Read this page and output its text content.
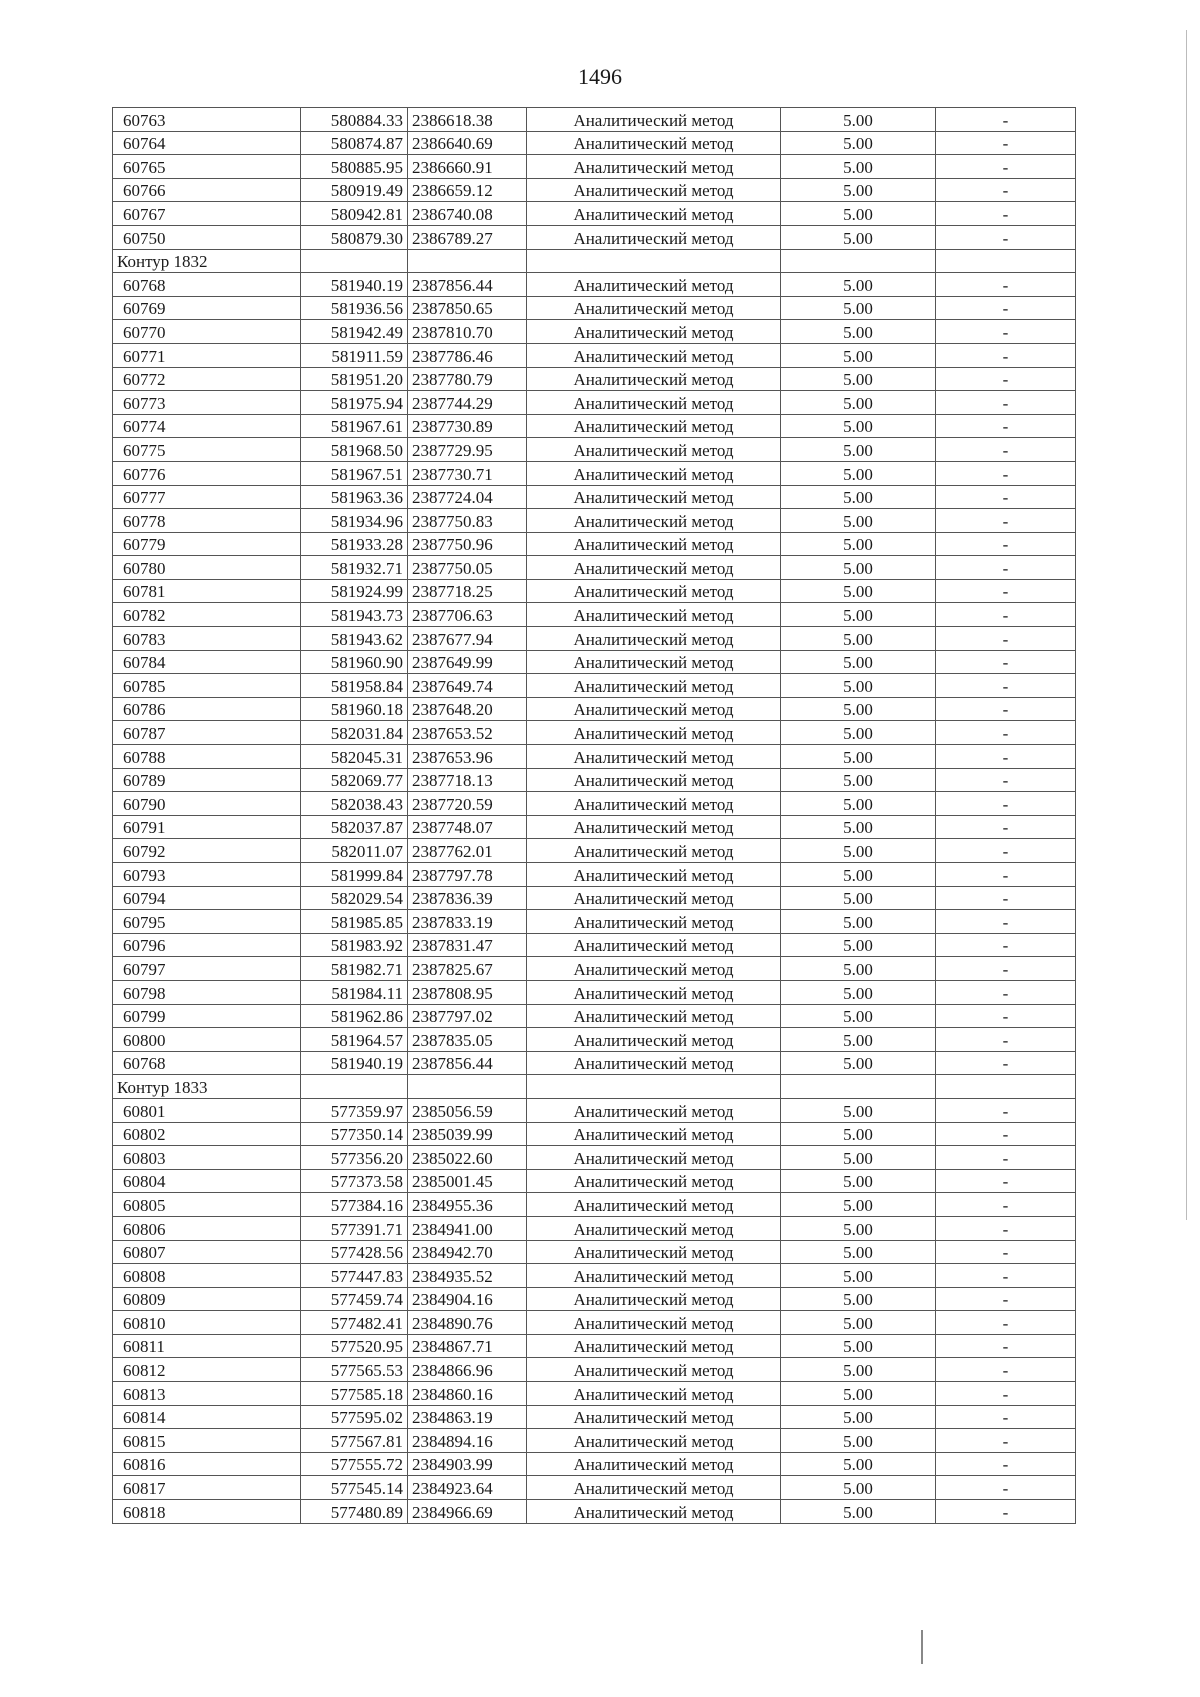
1496
60763	580884.33	2386618.38	Аналитический метод	5.00	-
60764	580874.87	2386640.69	Аналитический метод	5.00	-
60765	580885.95	2386660.91	Аналитический метод	5.00	-
60766	580919.49	2386659.12	Аналитический метод	5.00	-
60767	580942.81	2386740.08	Аналитический метод	5.00	-
60750	580879.30	2386789.27	Аналитический метод	5.00	-
Контур 1832					
60768	581940.19	2387856.44	Аналитический метод	5.00	-
60769	581936.56	2387850.65	Аналитический метод	5.00	-
60770	581942.49	2387810.70	Аналитический метод	5.00	-
60771	581911.59	2387786.46	Аналитический метод	5.00	-
60772	581951.20	2387780.79	Аналитический метод	5.00	-
60773	581975.94	2387744.29	Аналитический метод	5.00	-
60774	581967.61	2387730.89	Аналитический метод	5.00	-
60775	581968.50	2387729.95	Аналитический метод	5.00	-
60776	581967.51	2387730.71	Аналитический метод	5.00	-
60777	581963.36	2387724.04	Аналитический метод	5.00	-
60778	581934.96	2387750.83	Аналитический метод	5.00	-
60779	581933.28	2387750.96	Аналитический метод	5.00	-
60780	581932.71	2387750.05	Аналитический метод	5.00	-
60781	581924.99	2387718.25	Аналитический метод	5.00	-
60782	581943.73	2387706.63	Аналитический метод	5.00	-
60783	581943.62	2387677.94	Аналитический метод	5.00	-
60784	581960.90	2387649.99	Аналитический метод	5.00	-
60785	581958.84	2387649.74	Аналитический метод	5.00	-
60786	581960.18	2387648.20	Аналитический метод	5.00	-
60787	582031.84	2387653.52	Аналитический метод	5.00	-
60788	582045.31	2387653.96	Аналитический метод	5.00	-
60789	582069.77	2387718.13	Аналитический метод	5.00	-
60790	582038.43	2387720.59	Аналитический метод	5.00	-
60791	582037.87	2387748.07	Аналитический метод	5.00	-
60792	582011.07	2387762.01	Аналитический метод	5.00	-
60793	581999.84	2387797.78	Аналитический метод	5.00	-
60794	582029.54	2387836.39	Аналитический метод	5.00	-
60795	581985.85	2387833.19	Аналитический метод	5.00	-
60796	581983.92	2387831.47	Аналитический метод	5.00	-
60797	581982.71	2387825.67	Аналитический метод	5.00	-
60798	581984.11	2387808.95	Аналитический метод	5.00	-
60799	581962.86	2387797.02	Аналитический метод	5.00	-
60800	581964.57	2387835.05	Аналитический метод	5.00	-
60768	581940.19	2387856.44	Аналитический метод	5.00	-
Контур 1833					
60801	577359.97	2385056.59	Аналитический метод	5.00	-
60802	577350.14	2385039.99	Аналитический метод	5.00	-
60803	577356.20	2385022.60	Аналитический метод	5.00	-
60804	577373.58	2385001.45	Аналитический метод	5.00	-
60805	577384.16	2384955.36	Аналитический метод	5.00	-
60806	577391.71	2384941.00	Аналитический метод	5.00	-
60807	577428.56	2384942.70	Аналитический метод	5.00	-
60808	577447.83	2384935.52	Аналитический метод	5.00	-
60809	577459.74	2384904.16	Аналитический метод	5.00	-
60810	577482.41	2384890.76	Аналитический метод	5.00	-
60811	577520.95	2384867.71	Аналитический метод	5.00	-
60812	577565.53	2384866.96	Аналитический метод	5.00	-
60813	577585.18	2384860.16	Аналитический метод	5.00	-
60814	577595.02	2384863.19	Аналитический метод	5.00	-
60815	577567.81	2384894.16	Аналитический метод	5.00	-
60816	577555.72	2384903.99	Аналитический метод	5.00	-
60817	577545.14	2384923.64	Аналитический метод	5.00	-
60818	577480.89	2384966.69	Аналитический метод	5.00	-
